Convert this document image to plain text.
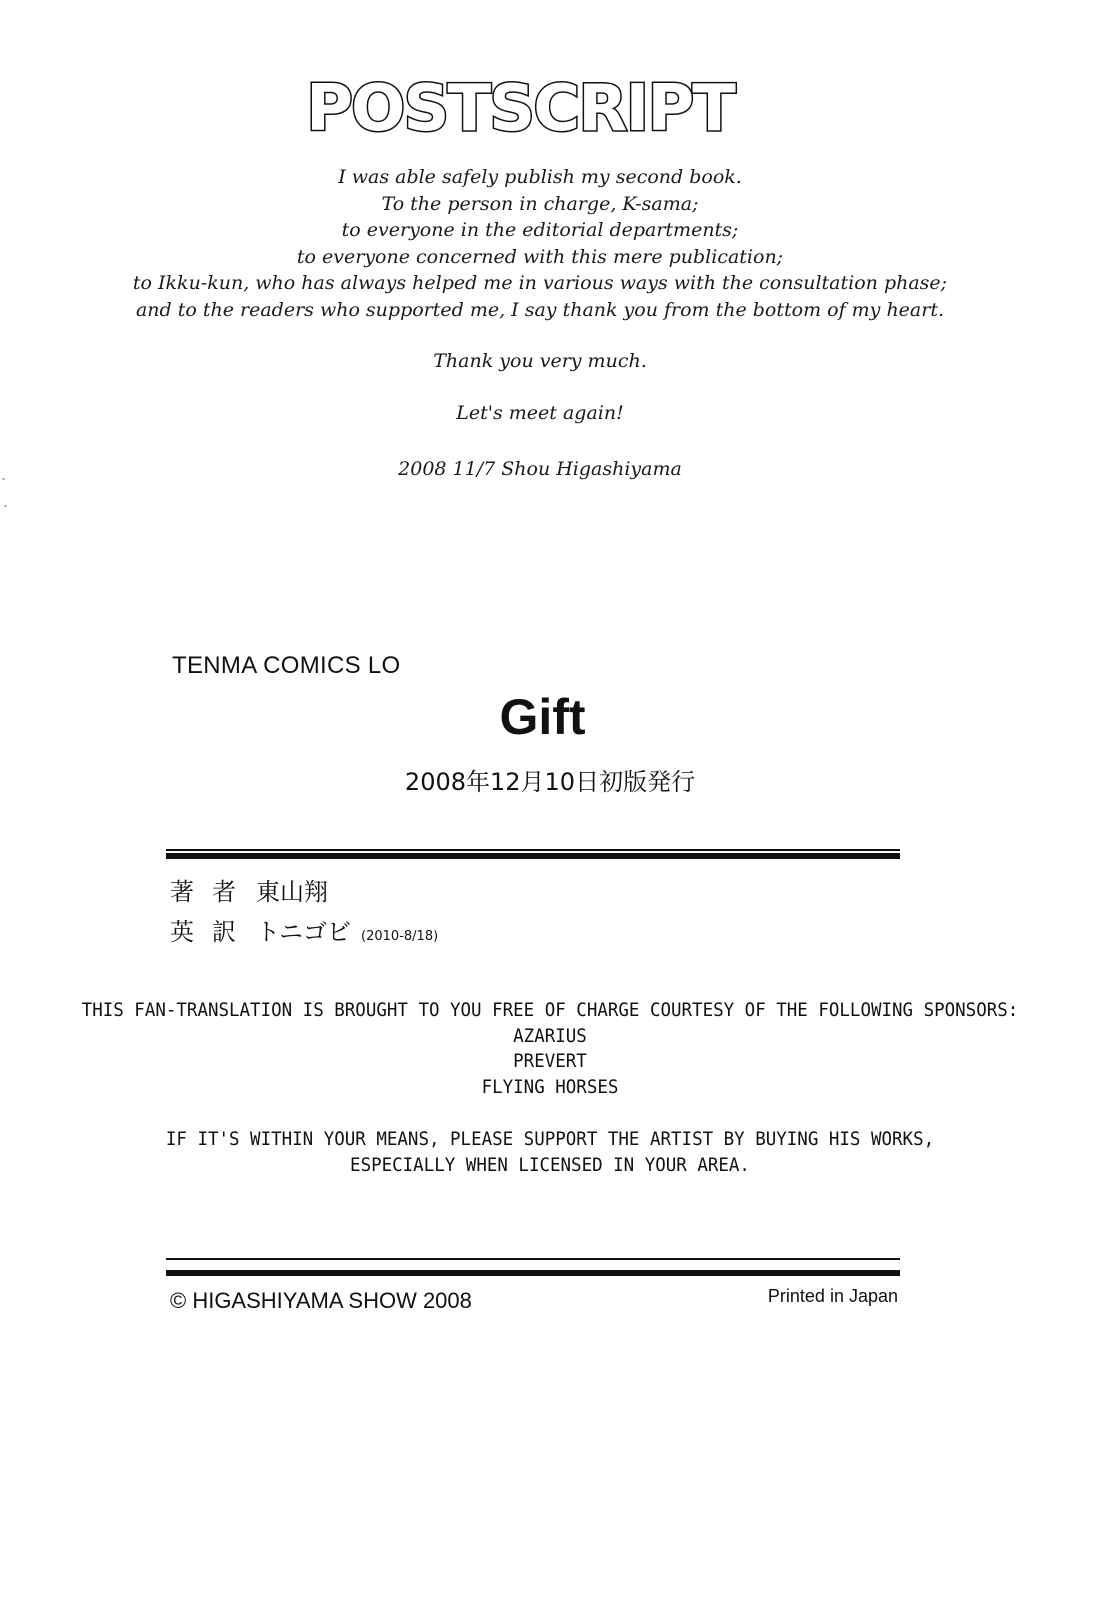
POSTSCRIPT
I was able safely publish my second book.
To the person in charge, K-sama;
to everyone in the editorial departments;
to everyone concerned with this mere publication;
to Ikku-kun, who has always helped me in various ways with the consultation phase;
and to the readers who supported me, I say thank you from the bottom of my heart.
Thank you very much.
Let's meet again!
2008 11/7 Shou Higashiyama
TENMA COMICS LO
Gift
2008年12月10日初版発行
著者 東山翔
英訳 トニゴビ (2010-8/18)
THIS FAN-TRANSLATION IS BROUGHT TO YOU FREE OF CHARGE COURTESY OF THE FOLLOWING SPONSORS:
AZARIUS
PREVERT
FLYING HORSES
IF IT'S WITHIN YOUR MEANS, PLEASE SUPPORT THE ARTIST BY BUYING HIS WORKS,
ESPECIALLY WHEN LICENSED IN YOUR AREA.
© HIGASHIYAMA SHOW 2008	Printed in Japan
